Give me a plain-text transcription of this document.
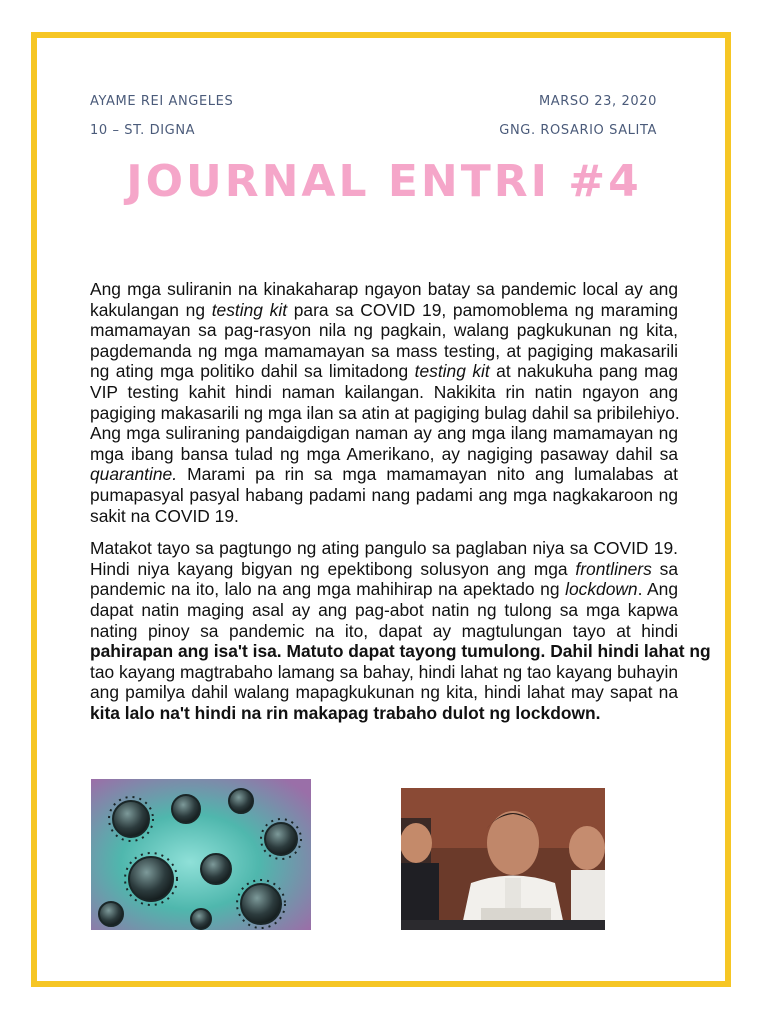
AYAME REI ANGELES
10 – ST. DIGNA
MARSO 23, 2020
GNG. ROSARIO SALITA
JOURNAL ENTRI #4

Ang mga suliranin na kinakaharap ngayon batay sa pandemic local ay ang
kakulangan ng testing kit para sa COVID 19, pamomoblema ng maraming
mamamayan sa pag-rasyon nila ng pagkain, walang pagkukunan ng kita,
pagdemanda ng mga mamamayan sa mass testing, at pagiging makasarili
ng ating mga politiko dahil sa limitadong testing kit at nakukuha pang mag
VIP testing kahit hindi naman kailangan. Nakikita rin natin ngayon ang
pagiging makasarili ng mga ilan sa atin at pagiging bulag dahil sa pribilehiyo.
Ang mga suliraning pandaigdigan naman ay ang mga ilang mamamayan ng
mga ibang bansa tulad ng mga Amerikano, ay nagiging pasaway dahil sa
quarantine. Marami pa rin sa mga mamamayan nito ang lumalabas at
pumapasyal pasyal habang padami nang padami ang mga nagkakaroon ng
sakit na COVID 19.

Matakot tayo sa pagtungo ng ating pangulo sa paglaban niya sa COVID 19.
Hindi niya kayang bigyan ng epektibong solusyon ang mga frontliners sa
pandemic na ito, lalo na ang mga mahihirap na apektado ng lockdown. Ang
dapat natin maging asal ay ang pag-abot natin ng tulong sa mga kapwa
nating pinoy sa pandemic na ito, dapat ay magtulungan tayo at hindi
pahirapan ang isa't isa. Matuto dapat tayong tumulong. Dahil hindi lahat ng
tao kayang magtrabaho lamang sa bahay, hindi lahat ng tao kayang buhayin
ang pamilya dahil walang mapagkukunan ng kita, hindi lahat may sapat na
kita lalo na't hindi na rin makapag trabaho dulot ng lockdown.
